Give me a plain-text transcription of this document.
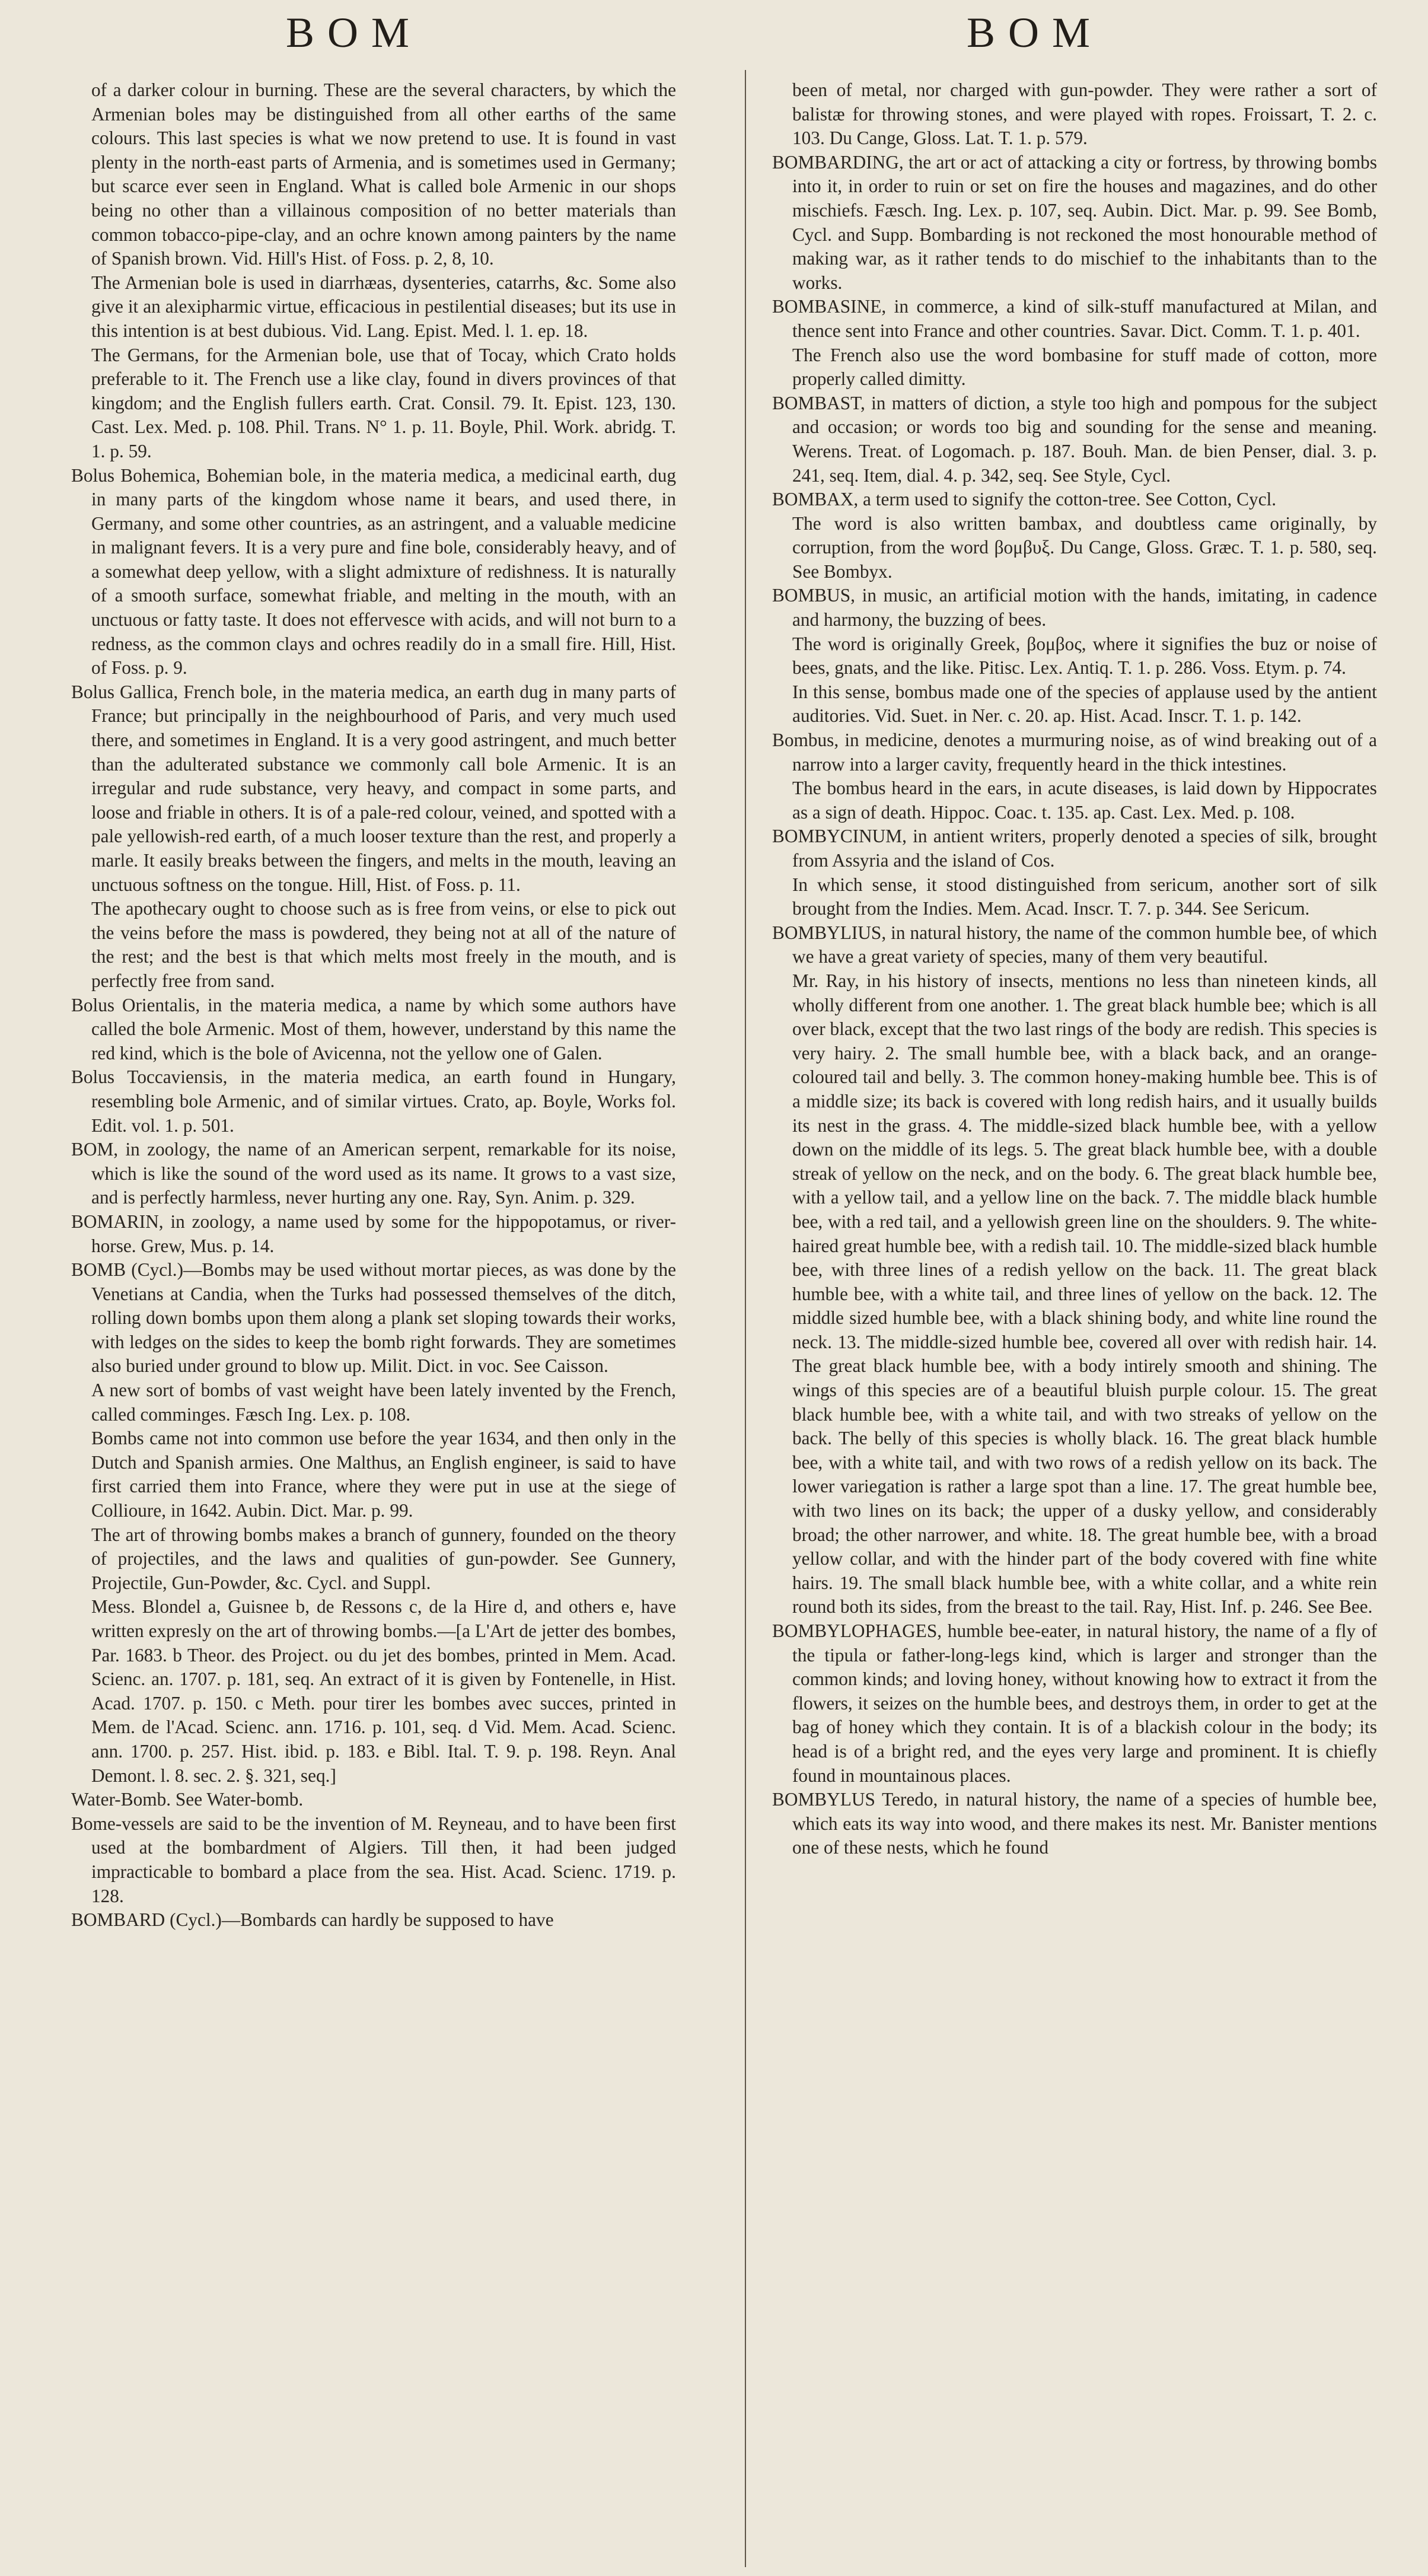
BOM	BOM

of a darker colour in burning. These are the several characters, by which the Armenian boles may be distinguished from all other earths of the same colours. This last species is what we now pretend to use. It is found in vast plenty in the north-east parts of Armenia, and is sometimes used in Germany; but scarce ever seen in England. What is called bole Armenic in our shops being no other than a villainous composition of no better materials than common tobacco-pipe-clay, and an ochre known among painters by the name of Spanish brown. Vid. Hill's Hist. of Foss. p. 2, 8, 10.

The Armenian bole is used in diarrhæas, dysenteries, catarrhs, &c. Some also give it an alexipharmic virtue, efficacious in pestilential diseases; but its use in this intention is at best dubious. Vid. Lang. Epist. Med. l. 1. ep. 18.

The Germans, for the Armenian bole, use that of Tocay, which Crato holds preferable to it. The French use a like clay, found in divers provinces of that kingdom; and the English fullers earth. Crat. Consil. 79. It. Epist. 123, 130. Cast. Lex. Med. p. 108. Phil. Trans. N° 1. p. 11. Boyle, Phil. Work. abridg. T. 1. p. 59.

Bolus Bohemica, Bohemian bole, in the materia medica, a medicinal earth, dug in many parts of the kingdom whose name it bears, and used there, in Germany, and some other countries, as an astringent, and a valuable medicine in malignant fevers. It is a very pure and fine bole, considerably heavy, and of a somewhat deep yellow, with a slight admixture of redishness. It is naturally of a smooth surface, somewhat friable, and melting in the mouth, with an unctuous or fatty taste. It does not effervesce with acids, and will not burn to a redness, as the common clays and ochres readily do in a small fire. Hill, Hist. of Foss. p. 9.

Bolus Gallica, French bole, in the materia medica, an earth dug in many parts of France; but principally in the neighbourhood of Paris, and very much used there, and sometimes in England. It is a very good astringent, and much better than the adulterated substance we commonly call bole Armenic. It is an irregular and rude substance, very heavy, and compact in some parts, and loose and friable in others. It is of a pale-red colour, veined, and spotted with a pale yellowish-red earth, of a much looser texture than the rest, and properly a marle. It easily breaks between the fingers, and melts in the mouth, leaving an unctuous softness on the tongue. Hill, Hist. of Foss. p. 11.

The apothecary ought to choose such as is free from veins, or else to pick out the veins before the mass is powdered, they being not at all of the nature of the rest; and the best is that which melts most freely in the mouth, and is perfectly free from sand.

Bolus Orientalis, in the materia medica, a name by which some authors have called the bole Armenic. Most of them, however, understand by this name the red kind, which is the bole of Avicenna, not the yellow one of Galen.

Bolus Toccaviensis, in the materia medica, an earth found in Hungary, resembling bole Armenic, and of similar virtues. Crato, ap. Boyle, Works fol. Edit. vol. 1. p. 501.

BOM, in zoology, the name of an American serpent, remarkable for its noise, which is like the sound of the word used as its name. It grows to a vast size, and is perfectly harmless, never hurting any one. Ray, Syn. Anim. p. 329.

BOMARIN, in zoology, a name used by some for the hippopotamus, or river-horse. Grew, Mus. p. 14.

BOMB (Cycl.)—Bombs may be used without mortar pieces, as was done by the Venetians at Candia, when the Turks had possessed themselves of the ditch, rolling down bombs upon them along a plank set sloping towards their works, with ledges on the sides to keep the bomb right forwards. They are sometimes also buried under ground to blow up. Milit. Dict. in voc. See Caisson.

A new sort of bombs of vast weight have been lately invented by the French, called comminges. Fæsch Ing. Lex. p. 108.

Bombs came not into common use before the year 1634, and then only in the Dutch and Spanish armies. One Malthus, an English engineer, is said to have first carried them into France, where they were put in use at the siege of Collioure, in 1642. Aubin. Dict. Mar. p. 99.

The art of throwing bombs makes a branch of gunnery, founded on the theory of projectiles, and the laws and qualities of gun-powder. See Gunnery, Projectile, Gun-Powder, &c. Cycl. and Suppl.

Mess. Blondel a, Guisnee b, de Ressons c, de la Hire d, and others e, have written expresly on the art of throwing bombs.—[a L'Art de jetter des bombes, Par. 1683. b Theor. des Project. ou du jet des bombes, printed in Mem. Acad. Scienc. an. 1707. p. 181, seq. An extract of it is given by Fontenelle, in Hist. Acad. 1707. p. 150. c Meth. pour tirer les bombes avec succes, printed in Mem. de l'Acad. Scienc. ann. 1716. p. 101, seq. d Vid. Mem. Acad. Scienc. ann. 1700. p. 257. Hist. ibid. p. 183. e Bibl. Ital. T. 9. p. 198. Reyn. Anal Demont. l. 8. sec. 2. §. 321, seq.]

Water-Bomb. See Water-bomb.

Bome-vessels are said to be the invention of M. Reyneau, and to have been first used at the bombardment of Algiers. Till then, it had been judged impracticable to bombard a place from the sea. Hist. Acad. Scienc. 1719. p. 128.

BOMBARD (Cycl.)—Bombards can hardly be supposed to have

been of metal, nor charged with gun-powder. They were rather a sort of balistæ for throwing stones, and were played with ropes. Froissart, T. 2. c. 103. Du Cange, Gloss. Lat. T. 1. p. 579.

BOMBARDING, the art or act of attacking a city or fortress, by throwing bombs into it, in order to ruin or set on fire the houses and magazines, and do other mischiefs. Fæsch. Ing. Lex. p. 107, seq. Aubin. Dict. Mar. p. 99. See Bomb, Cycl. and Supp. Bombarding is not reckoned the most honourable method of making war, as it rather tends to do mischief to the inhabitants than to the works.

BOMBASINE, in commerce, a kind of silk-stuff manufactured at Milan, and thence sent into France and other countries. Savar. Dict. Comm. T. 1. p. 401.

The French also use the word bombasine for stuff made of cotton, more properly called dimitty.

BOMBAST, in matters of diction, a style too high and pompous for the subject and occasion; or words too big and sounding for the sense and meaning. Werens. Treat. of Logomach. p. 187. Bouh. Man. de bien Penser, dial. 3. p. 241, seq. Item, dial. 4. p. 342, seq. See Style, Cycl.

BOMBAX, a term used to signify the cotton-tree. See Cotton, Cycl.

The word is also written bambax, and doubtless came originally, by corruption, from the word βομβυξ. Du Cange, Gloss. Græc. T. 1. p. 580, seq. See Bombyx.

BOMBUS, in music, an artificial motion with the hands, imitating, in cadence and harmony, the buzzing of bees.

The word is originally Greek, βομβος, where it signifies the buz or noise of bees, gnats, and the like. Pitisc. Lex. Antiq. T. 1. p. 286. Voss. Etym. p. 74.

In this sense, bombus made one of the species of applause used by the antient auditories. Vid. Suet. in Ner. c. 20. ap. Hist. Acad. Inscr. T. 1. p. 142.

Bombus, in medicine, denotes a murmuring noise, as of wind breaking out of a narrow into a larger cavity, frequently heard in the thick intestines.

The bombus heard in the ears, in acute diseases, is laid down by Hippocrates as a sign of death. Hippoc. Coac. t. 135. ap. Cast. Lex. Med. p. 108.

BOMBYCINUM, in antient writers, properly denoted a species of silk, brought from Assyria and the island of Cos.

In which sense, it stood distinguished from sericum, another sort of silk brought from the Indies. Mem. Acad. Inscr. T. 7. p. 344. See Sericum.

BOMBYLIUS, in natural history, the name of the common humble bee, of which we have a great variety of species, many of them very beautiful.

Mr. Ray, in his history of insects, mentions no less than nineteen kinds, all wholly different from one another. 1. The great black humble bee; which is all over black, except that the two last rings of the body are redish. This species is very hairy. 2. The small humble bee, with a black back, and an orange-coloured tail and belly. 3. The common honey-making humble bee. This is of a middle size; its back is covered with long redish hairs, and it usually builds its nest in the grass. 4. The middle-sized black humble bee, with a yellow down on the middle of its legs. 5. The great black humble bee, with a double streak of yellow on the neck, and on the body. 6. The great black humble bee, with a yellow tail, and a yellow line on the back. 7. The middle black humble bee, with a red tail, and a yellowish green line on the shoulders. 9. The white-haired great humble bee, with a redish tail. 10. The middle-sized black humble bee, with three lines of a redish yellow on the back. 11. The great black humble bee, with a white tail, and three lines of yellow on the back. 12. The middle sized humble bee, with a black shining body, and white line round the neck. 13. The middle-sized humble bee, covered all over with redish hair. 14. The great black humble bee, with a body intirely smooth and shining. The wings of this species are of a beautiful bluish purple colour. 15. The great black humble bee, with a white tail, and with two streaks of yellow on the back. The belly of this species is wholly black. 16. The great black humble bee, with a white tail, and with two rows of a redish yellow on its back. The lower variegation is rather a large spot than a line. 17. The great humble bee, with two lines on its back; the upper of a dusky yellow, and considerably broad; the other narrower, and white. 18. The great humble bee, with a broad yellow collar, and with the hinder part of the body covered with fine white hairs. 19. The small black humble bee, with a white collar, and a white rein round both its sides, from the breast to the tail. Ray, Hist. Inf. p. 246. See Bee.

BOMBYLOPHAGES, humble bee-eater, in natural history, the name of a fly of the tipula or father-long-legs kind, which is larger and stronger than the common kinds; and loving honey, without knowing how to extract it from the flowers, it seizes on the humble bees, and destroys them, in order to get at the bag of honey which they contain. It is of a blackish colour in the body; its head is of a bright red, and the eyes very large and prominent. It is chiefly found in mountainous places.

BOMBYLUS Teredo, in natural history, the name of a species of humble bee, which eats its way into wood, and there makes its nest. Mr. Banister mentions one of these nests, which he found
